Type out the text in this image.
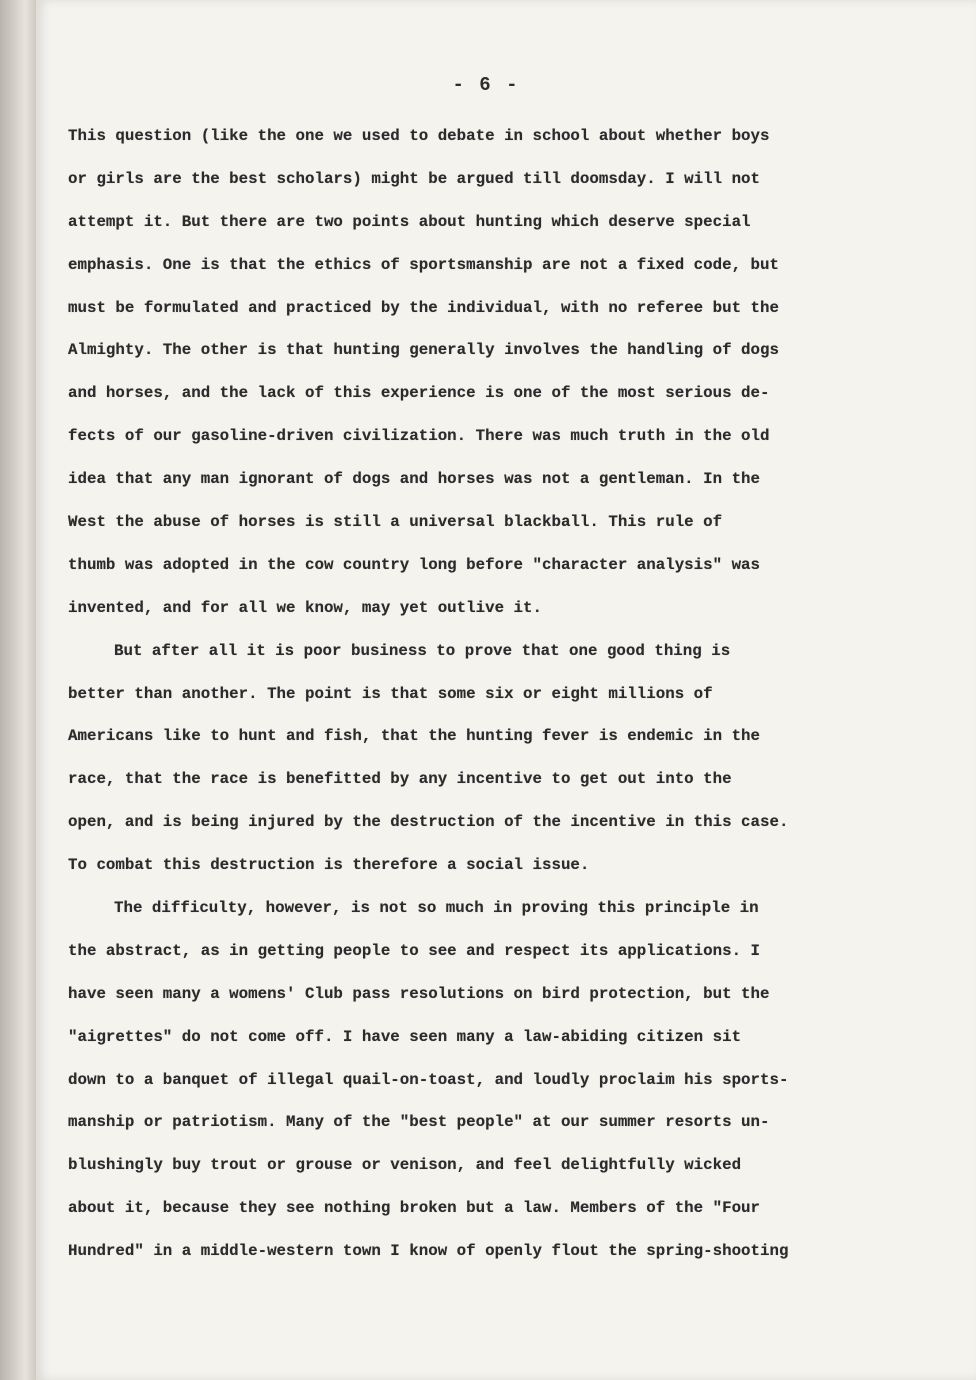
- 6 -
This question (like the one we used to debate in school about whether boys
or girls are the best scholars) might be argued till doomsday. I will not
attempt it. But there are two points about hunting which deserve special
emphasis. One is that the ethics of sportsmanship are not a fixed code, but
must be formulated and practiced by the individual, with no referee but the
Almighty. The other is that hunting generally involves the handling of dogs
and horses, and the lack of this experience is one of the most serious de-
fects of our gasoline-driven civilization. There was much truth in the old
idea that any man ignorant of dogs and horses was not a gentleman. In the
West the abuse of horses is still a universal blackball. This rule of
thumb was adopted in the cow country long before "character analysis" was
invented, and for all we know, may yet outlive it.
But after all it is poor business to prove that one good thing is
better than another. The point is that some six or eight millions of
Americans like to hunt and fish, that the hunting fever is endemic in the
race, that the race is benefitted by any incentive to get out into the
open, and is being injured by the destruction of the incentive in this case.
To combat this destruction is therefore a social issue.
The difficulty, however, is not so much in proving this principle in
the abstract, as in getting people to see and respect its applications. I
have seen many a womens' Club pass resolutions on bird protection, but the
"aigrettes" do not come off. I have seen many a law-abiding citizen sit
down to a banquet of illegal quail-on-toast, and loudly proclaim his sports-
manship or patriotism. Many of the "best people" at our summer resorts un-
blushingly buy trout or grouse or venison, and feel delightfully wicked
about it, because they see nothing broken but a law. Members of the "Four
Hundred" in a middle-western town I know of openly flout the spring-shooting
